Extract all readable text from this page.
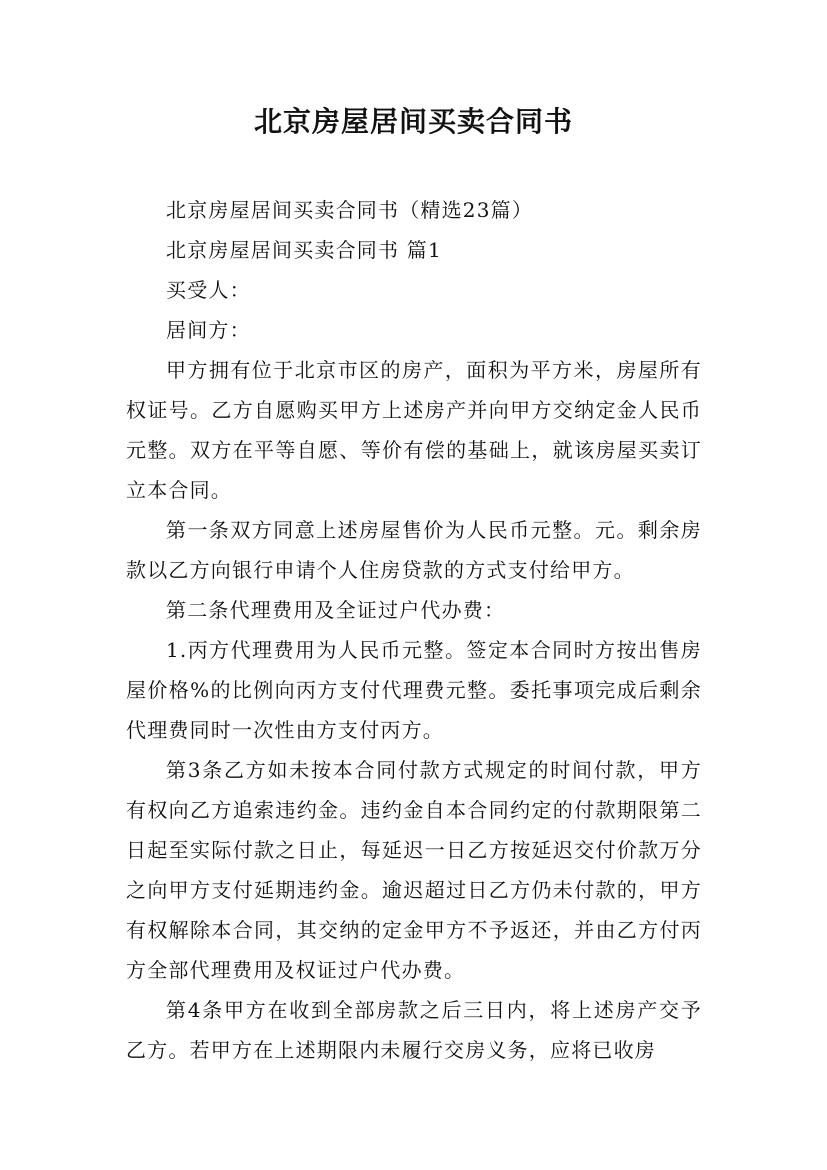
北京房屋居间买卖合同书

北京房屋居间买卖合同书（精选23篇）

北京房屋居间买卖合同书 篇1

买受人：

居间方：

甲方拥有位于北京市区的房产，面积为平方米，房屋所有权证号。乙方自愿购买甲方上述房产并向甲方交纳定金人民币元整。双方在平等自愿、等价有偿的基础上，就该房屋买卖订立本合同。

第一条双方同意上述房屋售价为人民币元整。元。剩余房款以乙方向银行申请个人住房贷款的方式支付给甲方。

第二条代理费用及全证过户代办费：

1.丙方代理费用为人民币元整。签定本合同时方按出售房屋价格%的比例向丙方支付代理费元整。委托事项完成后剩余代理费同时一次性由方支付丙方。

第3条乙方如未按本合同付款方式规定的时间付款，甲方有权向乙方追索违约金。违约金自本合同约定的付款期限第二日起至实际付款之日止，每延迟一日乙方按延迟交付价款万分之向甲方支付延期违约金。逾迟超过日乙方仍未付款的，甲方有权解除本合同，其交纳的定金甲方不予返还，并由乙方付丙方全部代理费用及权证过户代办费。

第4条甲方在收到全部房款之后三日内，将上述房产交予乙方。若甲方在上述期限内未履行交房义务，应将已收房
